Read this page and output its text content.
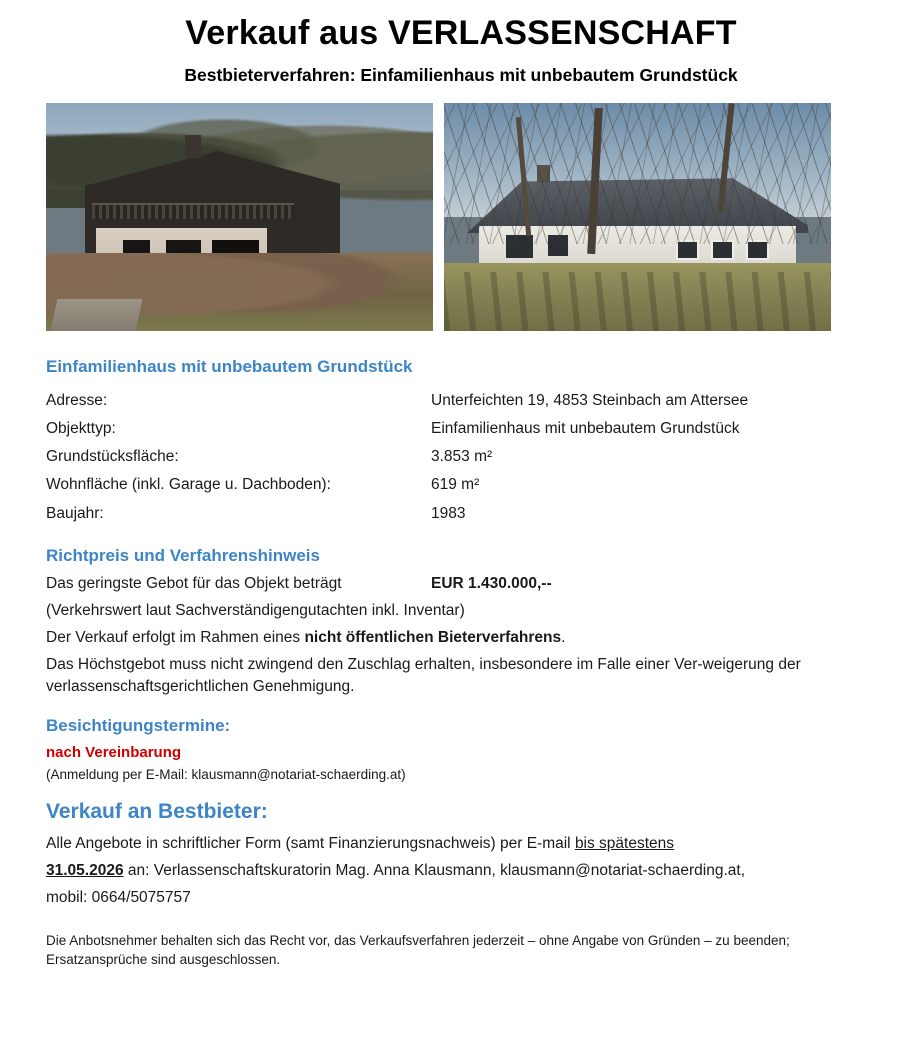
Verkauf aus VERLASSENSCHAFT

Bestbieterverfahren: Einfamilienhaus mit unbebautem Grundstück

Einfamilienhaus mit unbebautem Grundstück
Adresse:	Unterfeichten 19, 4853 Steinbach am Attersee
Objekttyp:	Einfamilienhaus mit unbebautem Grundstück
Grundstücksfläche:	3.853 m²
Wohnfläche (inkl. Garage u. Dachboden):	619 m²
Baujahr:	1983
Richtpreis und Verfahrenshinweis
Das geringste Gebot für das Objekt beträgt	EUR 1.430.000,--

(Verkehrswert laut Sachverständigengutachten inkl. Inventar)

Der Verkauf erfolgt im Rahmen eines nicht öffentlichen Bieterverfahrens.

Das Höchstgebot muss nicht zwingend den Zuschlag erhalten, insbesondere im Falle einer Ver-weigerung der verlassenschaftsgerichtlichen Genehmigung.

Besichtigungstermine:

nach Vereinbarung

(Anmeldung per E-Mail: klausmann@notariat-schaerding.at)

Verkauf an Bestbieter:

Alle Angebote in schriftlicher Form (samt Finanzierungsnachweis) per E-mail bis spätestens

31.05.2026 an: Verlassenschaftskuratorin Mag. Anna Klausmann, klausmann@notariat-schaerding.at,

mobil: 0664/5075757

Die Anbotsnehmer behalten sich das Recht vor, das Verkaufsverfahren jederzeit – ohne Angabe von Gründen – zu beenden; Ersatzansprüche sind ausgeschlossen.
